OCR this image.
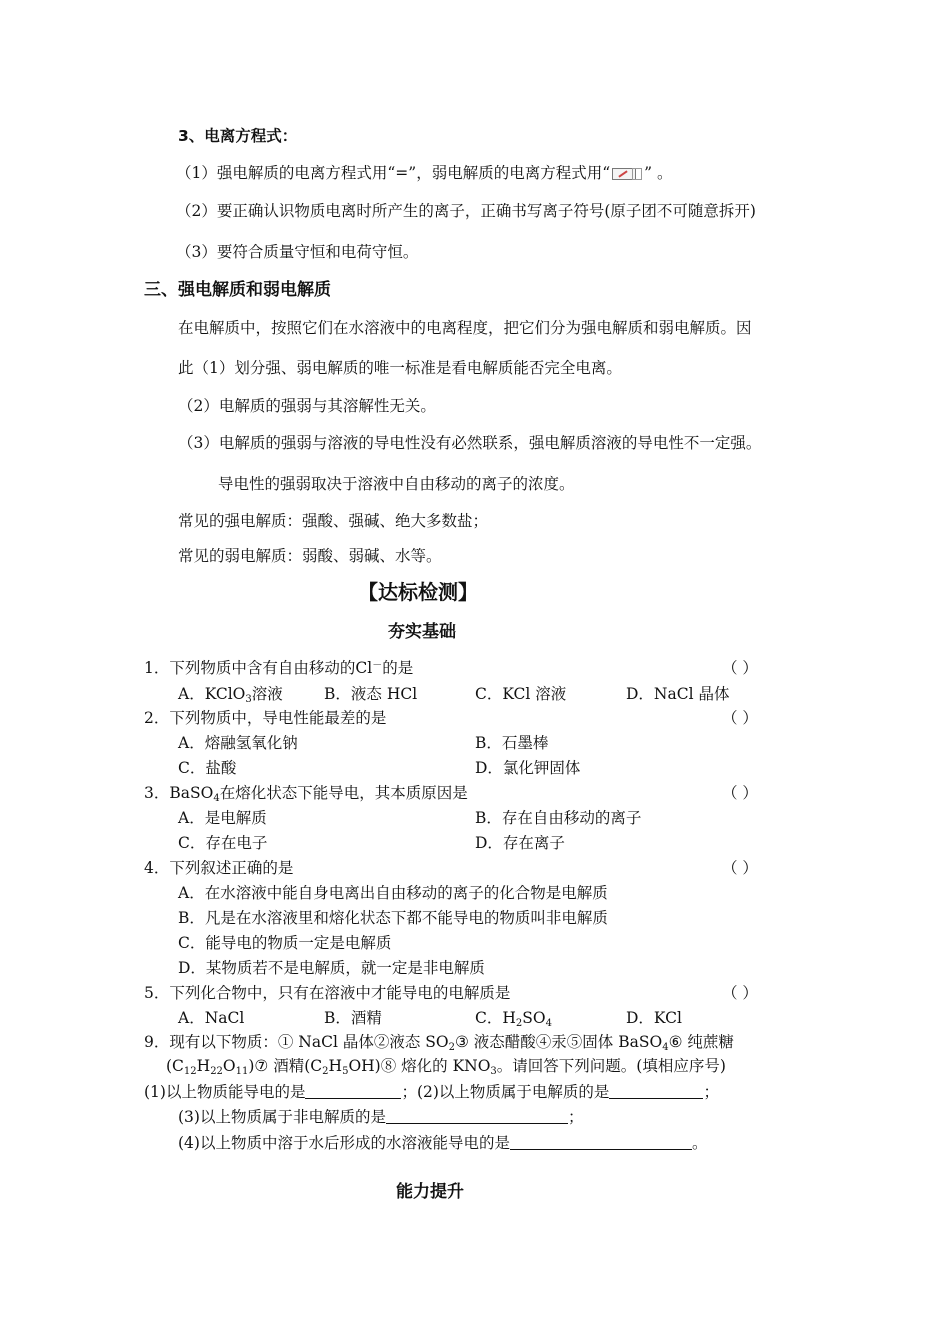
3、电离方程式：
（1）强电解质的电离方程式用“=”，弱电解质的电离方程式用“ ” 。
（2）要正确认识物质电离时所产生的离子，正确书写离子符号(原子团不可随意拆开)
（3）要符合质量守恒和电荷守恒。
三、强电解质和弱电解质
在电解质中，按照它们在水溶液中的电离程度，把它们分为强电解质和弱电解质。因
此（1）划分强、弱电解质的唯一标准是看电解质能否完全电离。
（2）电解质的强弱与其溶解性无关。
（3）电解质的强弱与溶液的导电性没有必然联系，强电解质溶液的导电性不一定强。
导电性的强弱取决于溶液中自由移动的离子的浓度。
常见的强电解质：强酸、强碱、绝大多数盐；
常见的弱电解质：弱酸、弱碱、水等。
【达标检测】
夯实基础
1．下列物质中含有自由移动的Cl－的是	（ ）
A．KClO$_3$溶液	B．液态 HCl	C．KCl 溶液	D．NaCl 晶体
2．下列物质中，导电性能最差的是	（ ）
A．熔融氢氧化钠	B．石墨棒
C．盐酸	D．氯化钾固体
3．BaSO$_4$在熔化状态下能导电，其本质原因是	（ ）
A．是电解质	B．存在自由移动的离子
C．存在电子	D．存在离子
4．下列叙述正确的是	（ ）
A．在水溶液中能自身电离出自由移动的离子的化合物是电解质
B．凡是在水溶液里和熔化状态下都不能导电的物质叫非电解质
C．能导电的物质一定是电解质
D．某物质若不是电解质，就一定是非电解质
5．下列化合物中，只有在溶液中才能导电的电解质是	（ ）
A．NaCl	B．酒精	C．$H_2SO_4$	D．KCl
9．现有以下物质：① NaCl 晶体②液态 $SO_2③$ 液态醋酸④汞⑤固体 BaSO$_4$⑥ 纯蔗糖
$(C_{12}H_{22}O_{11})⑦$ 酒精$(C_2H_5OH)⑧$ 熔化的 $KNO_3$。请回答下列问题。(填相应序号)
(1)以上物质能导电的是	；(2)以上物质属于电解质的是	；
(3)以上物质属于非电解质的是	；
(4)以上物质中溶于水后形成的水溶液能导电的是	。
能力提升
